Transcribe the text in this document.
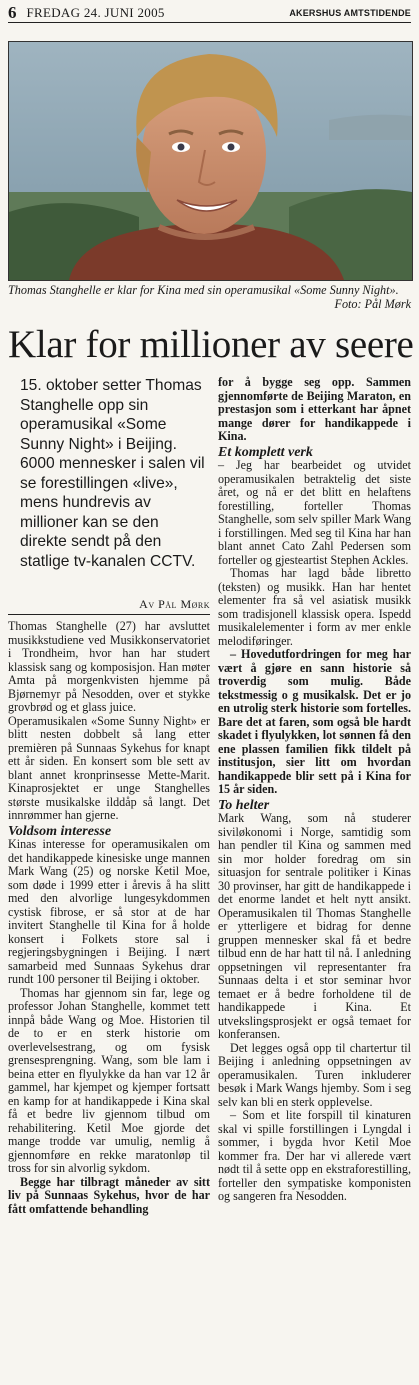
6 FREDAG 24. JUNI 2005	AKERSHUS AMTSTIDENDE
Thomas Stanghelle er klar for Kina med sin operamusikal «Some Sunny Night».
Foto: Pål Mørk
Klar for millioner av seere
15. oktober setter Thomas Stanghelle opp sin operamusikal «Some Sunny Night» i Beijing. 6000 mennesker i salen vil se forestillingen «live», mens hundrevis av millioner kan se den direkte sendt på den statlige tv-kanalen CCTV.
Av Pål Mørk

Thomas Stanghelle (27) har avsluttet musikkstudiene ved Musikkonservatoriet i Trondheim, hvor han har studert klassisk sang og komposisjon. Han møter Amta på morgenkvisten hjemme på Bjørnemyr på Nesodden, over et stykke grovbrød og et glass juice.

Operamusikalen «Some Sunny Night» er blitt nesten dobbelt så lang etter premièren på Sunnaas Sykehus for knapt ett år siden. En konsert som ble sett av blant annet kronprinsesse Mette-Marit. Kinaprosjektet er unge Stanghelles største musikalske ilddåp så langt. Det innrømmer han gjerne.

Voldsom interesse

Kinas interesse for operamusikalen om det handikappede kinesiske unge mannen Mark Wang (25) og norske Ketil Moe, som døde i 1999 etter i årevis å ha slitt med den alvorlige lungesykdommen cystisk fibrose, er så stor at de har invitert Stanghelle til Kina for å holde konsert i Folkets store sal i regjeringsbygningen i Beijing. I nært samarbeid med Sunnaas Sykehus drar rundt 100 personer til Beijing i oktober.

Thomas har gjennom sin far, lege og professor Johan Stanghelle, kommet tett innpå både Wang og Moe. Historien til de to er en sterk historie om overlevelsestrang, og om fysisk grensesprengning. Wang, som ble lam i beina etter en flyulykke da han var 12 år gammel, har kjempet og kjemper fortsatt en kamp for at handikappede i Kina skal få et bedre liv gjennom tilbud om rehabilitering. Ketil Moe gjorde det mange trodde var umulig, nemlig å gjennomføre en rekke maratonløp til tross for sin alvorlig sykdom.

Begge har tilbragt måneder av sitt liv på Sunnaas Sykehus, hvor de har fått omfattende behandling

for å bygge seg opp. Sammen gjennomførte de Beijing Maraton, en prestasjon som i etterkant har åpnet mange dører for handikappede i Kina.

Et komplett verk

– Jeg har bearbeidet og utvidet operamusikalen betraktelig det siste året, og nå er det blitt en helaftens forestilling, forteller Thomas Stanghelle, som selv spiller Mark Wang i forstillingen. Med seg til Kina har han blant annet Cato Zahl Pedersen som forteller og gjesteartist Stephen Ackles.

Thomas har lagd både libretto (teksten) og musikk. Han har hentet elementer fra så vel asiatisk musikk som tradisjonell klassisk opera. Ispedd musikalelementer i form av mer enkle melodiføringer.

– Hovedutfordringen for meg har vært å gjøre en sann historie så troverdig som mulig. Både tekstmessig o g musikalsk. Det er jo en utrolig sterk historie som fortelles. Bare det at faren, som også ble hardt skadet i flyulykken, lot sønnen få den ene plassen familien fikk tildelt på institusjon, sier litt om hvordan handikappede blir sett på i Kina for 15 år siden.

To helter

Mark Wang, som nå studerer siviløkonomi i Norge, samtidig som han pendler til Kina og sammen med sin mor holder foredrag om sin situasjon for sentrale politiker i Kinas 30 provinser, har gitt de handikappede i det enorme landet et helt nytt ansikt. Operamusikalen til Thomas Stanghelle er ytterligere et bidrag for denne gruppen mennesker skal få et bedre tilbud enn de har hatt til nå. I anledning oppsetningen vil representanter fra Sunnaas delta i et stor seminar hvor temaet er å bedre forholdene til de handikappede i Kina. Et utvekslingsprosjekt er også temaet for konferansen.

Det legges også opp til chartertur til Beijing i anledning oppsetningen av operamusikalen. Turen inkluderer besøk i Mark Wangs hjemby. Som i seg selv kan bli en sterk opplevelse.

– Som et lite forspill til kinaturen skal vi spille forstillingen i Lyngdal i sommer, i bygda hvor Ketil Moe kommer fra. Der har vi allerede vært nødt til å sette opp en ekstraforestilling, forteller den sympatiske komponisten og sangeren fra Nesodden.
